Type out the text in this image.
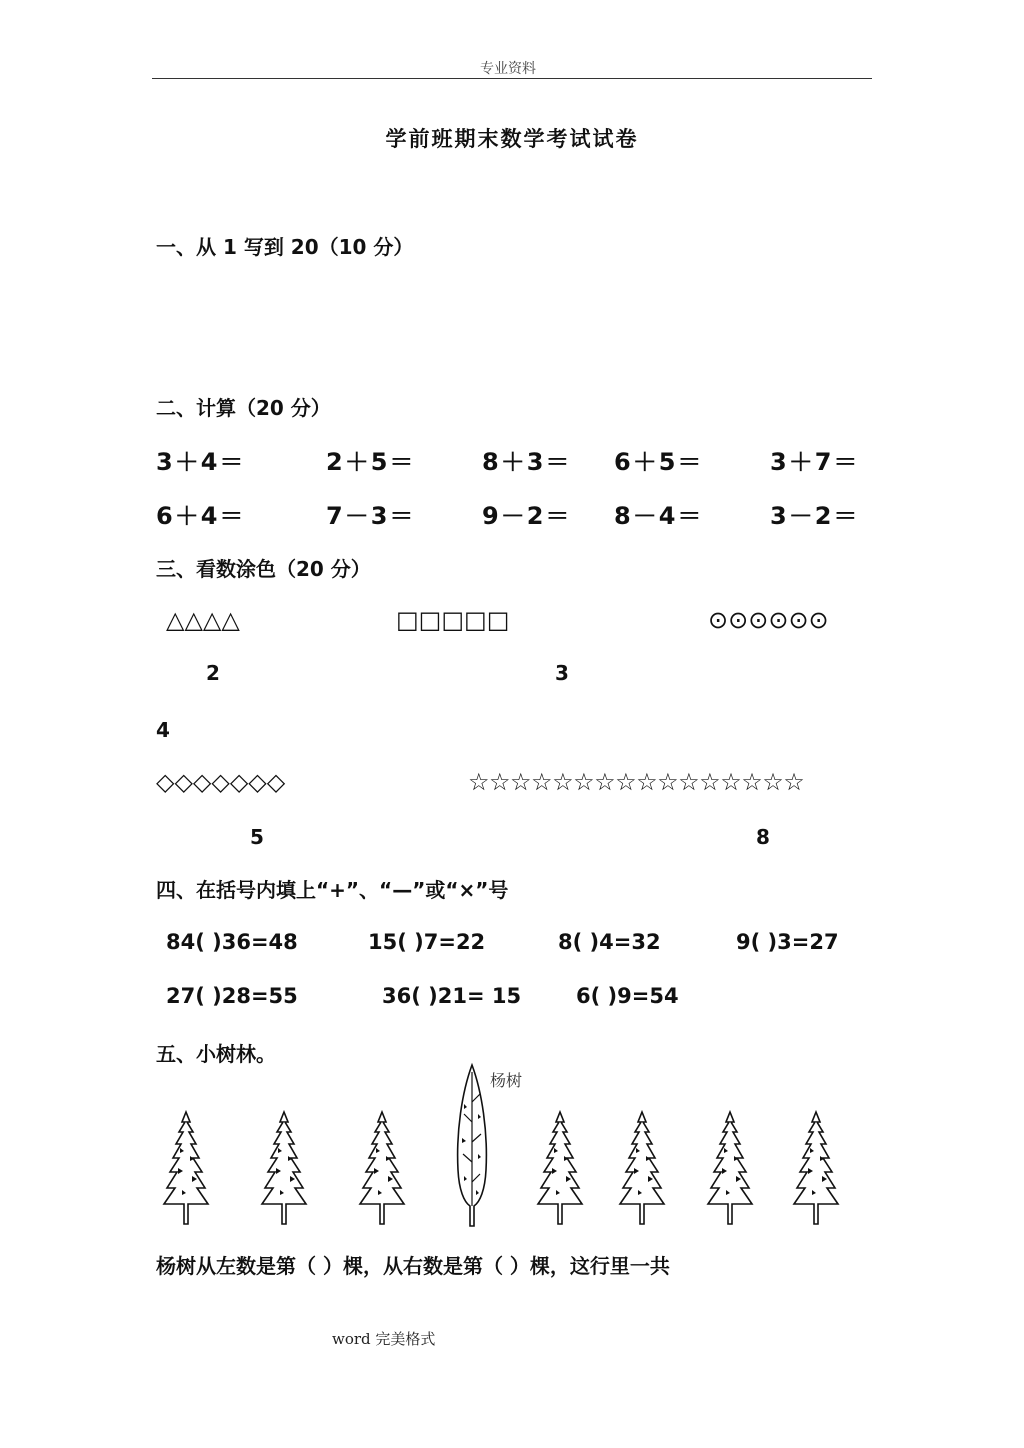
专业资料
学前班期末数学考试试卷
一、从 1 写到 20（10 分）
二、计算（20 分）
3＋4＝	2＋5＝	8＋3＝ 6＋5＝	3＋7＝
6＋4＝	7－3＝	9－2＝ 8－4＝	3－2＝
三、看数涂色（20 分）
△△△△	□□□□□	⊙⊙⊙⊙⊙⊙
2	3
4
◇◇◇◇◇◇◇	☆☆☆☆☆☆☆☆☆☆☆☆☆☆☆☆
5	8
四、在括号内填上“+”、“—”或“×”号
84( )36=48	15( )7=22	8( )4=32	9( )3=27
27( )28=55	36( )21= 15	6( )9=54
五、小树林。
杨树
杨树从左数是第（ ）棵，从右数是第（ ）棵，这行里一共
word 完美格式
